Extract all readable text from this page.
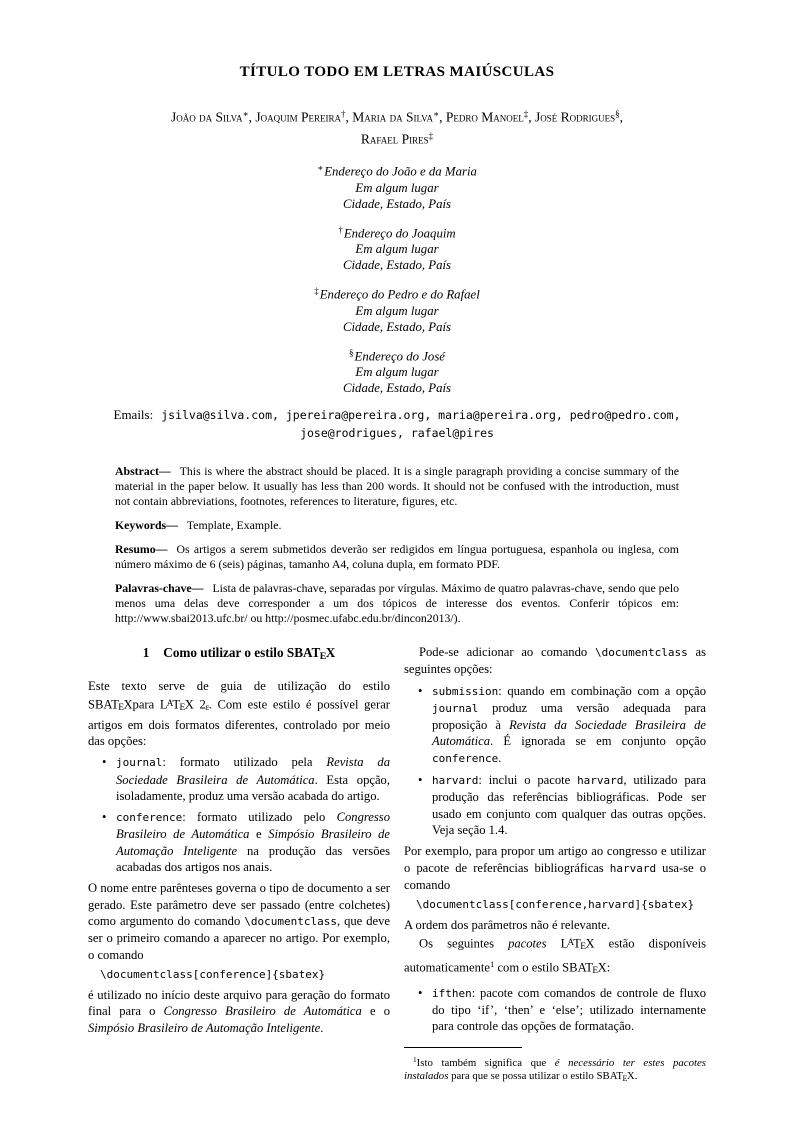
TÍTULO TODO EM LETRAS MAIÚSCULAS
João da Silva∗, Joaquim Pereira†, Maria da Silva∗, Pedro Manoel‡, José Rodrigues§,
Rafael Pires‡
∗Endereço do João e da Maria
Em algum lugar
Cidade, Estado, País
†Endereço do Joaquim
Em algum lugar
Cidade, Estado, País
‡Endereço do Pedro e do Rafael
Em algum lugar
Cidade, Estado, País
§Endereço do José
Em algum lugar
Cidade, Estado, País
Emails: jsilva@silva.com, jpereira@pereira.org, maria@pereira.org, pedro@pedro.com,
jose@rodrigues, rafael@pires
Abstract— This is where the abstract should be placed. It is a single paragraph providing a concise summary of the material in the paper below. It usually has less than 200 words. It should not be confused with the introduction, must not contain abbreviations, footnotes, references to literature, figures, etc.
Keywords— Template, Example.
Resumo— Os artigos a serem submetidos deverão ser redigidos em língua portuguesa, espanhola ou inglesa, com número máximo de 6 (seis) páginas, tamanho A4, coluna dupla, em formato PDF.
Palavras-chave— Lista de palavras-chave, separadas por vírgulas. Máximo de quatro palavras-chave, sendo que pelo menos uma delas deve corresponder a um dos tópicos de interesse dos eventos. Conferir tópicos em: http://www.sbai2013.ufc.br/ ou http://posmec.ufabc.edu.br/dincon2013/).
1 Como utilizar o estilo SBATEX
Este texto serve de guia de utilização do estilo SBATEXpara $L^ATEX$ 2ε. Com este estilo é possível gerar artigos em dois formatos diferentes, controlado por meio das opções:
• journal: formato utilizado pela Revista da Sociedade Brasileira de Automática. Esta opção, isoladamente, produz uma versão acabada do artigo.
• conference: formato utilizado pelo Congresso Brasileiro de Automática e Simpósio Brasileiro de Automação Inteligente na produção das versões acabadas dos artigos nos anais.
O nome entre parênteses governa o tipo de documento a ser gerado. Este parâmetro deve ser passado (entre colchetes) como argumento do comando \documentclass, que deve ser o primeiro comando a aparecer no artigo. Por exemplo, o comando
\documentclass[conference]{sbatex}
é utilizado no início deste arquivo para geração do formato final para o Congresso Brasileiro de Automática e o Simpósio Brasileiro de Automação Inteligente.
Pode-se adicionar ao comando \documentclass as seguintes opções:
• submission: quando em combinação com a opção journal produz uma versão adequada para proposição à Revista da Sociedade Brasileira de Automática. É ignorada se em conjunto opção conference.
• harvard: inclui o pacote harvard, utilizado para produção das referências bibliográficas. Pode ser usado em conjunto com qualquer das outras opções. Veja seção 1.4.
Por exemplo, para propor um artigo ao congresso e utilizar o pacote de referências bibliográficas harvard usa-se o comando
\documentclass[conference,harvard]{sbatex}
A ordem dos parâmetros não é relevante.
Os seguintes pacotes $L^ATEX$ estão disponíveis automaticamente$^1$ com o estilo SBATEX:
• ifthen: pacote com comandos de controle de fluxo do tipo ‘if’, ‘then’ e ‘else’; utilizado internamente para controle das opções de formatação.
$^1$Isto também significa que é necessário ter estes pacotes instalados para que se possa utilizar o estilo SBATEX.
